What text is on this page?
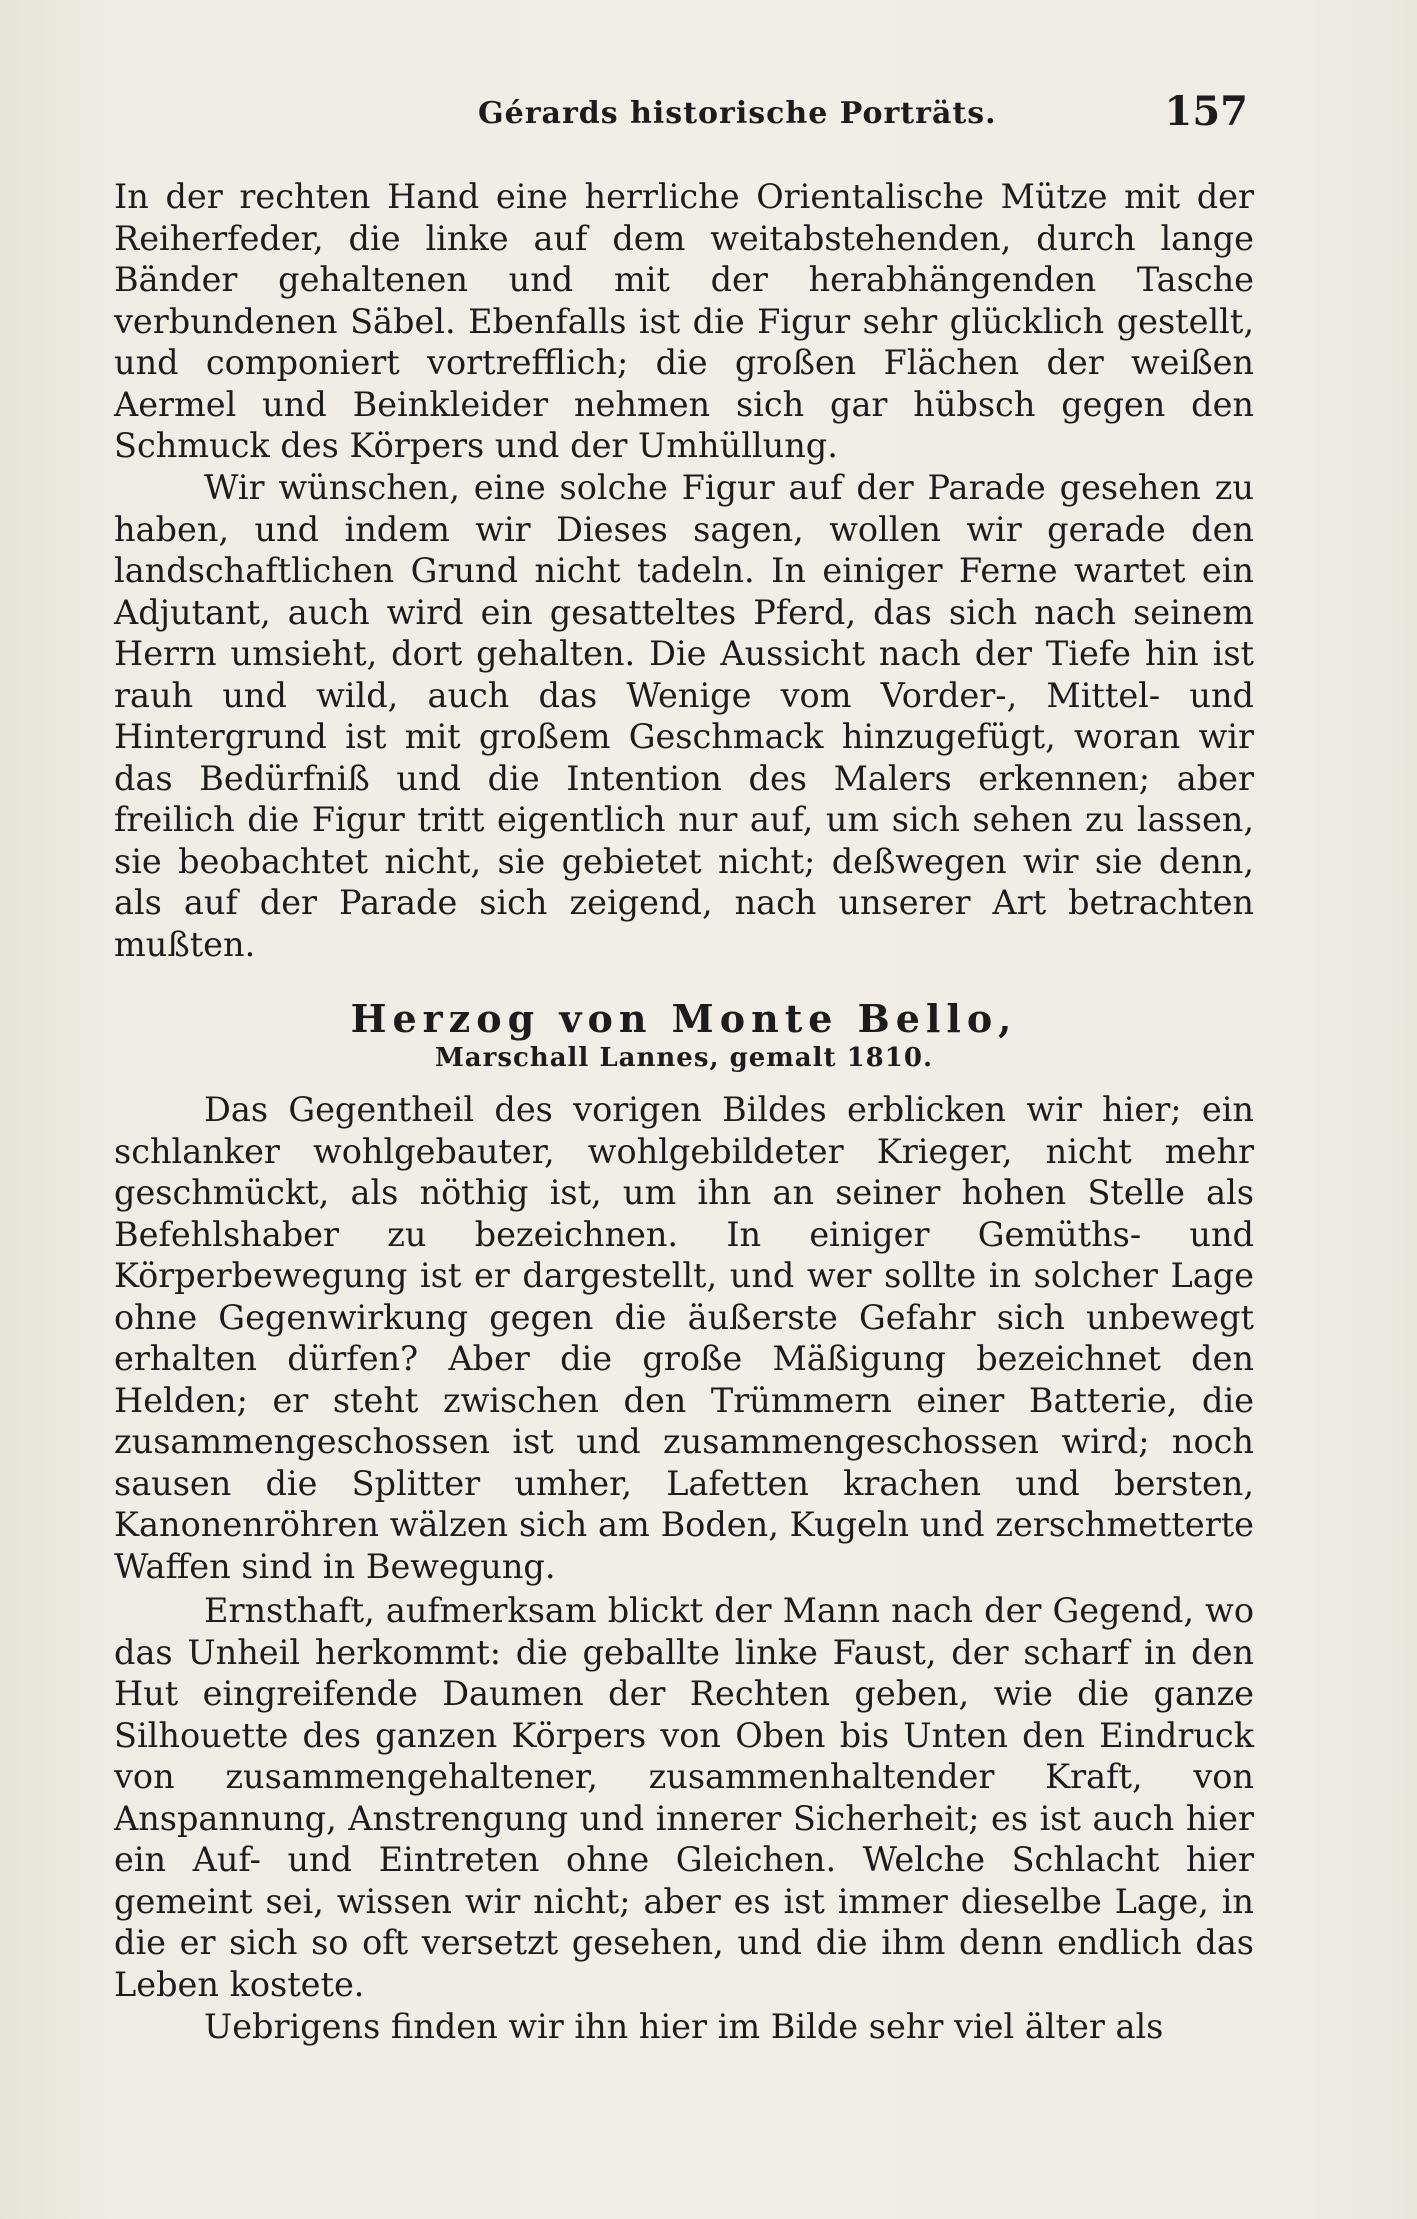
Gérards historische Porträts.	157

In der rechten Hand eine herrliche Orientalische Mütze mit der Reiherfeder, die linke auf dem weitabstehenden, durch lange Bänder gehaltenen und mit der herabhängenden Tasche verbundenen Säbel. Ebenfalls ist die Figur sehr glücklich gestellt, und componiert vortrefflich; die großen Flächen der weißen Aermel und Beinkleider nehmen sich gar hübsch gegen den Schmuck des Körpers und der Umhüllung.

Wir wünschen, eine solche Figur auf der Parade gesehen zu haben, und indem wir Dieses sagen, wollen wir gerade den landschaftlichen Grund nicht tadeln. In einiger Ferne wartet ein Adjutant, auch wird ein gesatteltes Pferd, das sich nach seinem Herrn umsieht, dort gehalten. Die Aussicht nach der Tiefe hin ist rauh und wild, auch das Wenige vom Vorder-, Mittel- und Hintergrund ist mit großem Geschmack hinzugefügt, woran wir das Bedürfniß und die Intention des Malers erkennen; aber freilich die Figur tritt eigentlich nur auf, um sich sehen zu lassen, sie beobachtet nicht, sie gebietet nicht; deßwegen wir sie denn, als auf der Parade sich zeigend, nach unserer Art betrachten mußten.

Herzog von Monte Bello,

Marschall Lannes, gemalt 1810.

Das Gegentheil des vorigen Bildes erblicken wir hier; ein schlanker wohlgebauter, wohlgebildeter Krieger, nicht mehr geschmückt, als nöthig ist, um ihn an seiner hohen Stelle als Befehlshaber zu bezeichnen. In einiger Gemüths- und Körperbewegung ist er dargestellt, und wer sollte in solcher Lage ohne Gegenwirkung gegen die äußerste Gefahr sich unbewegt erhalten dürfen? Aber die große Mäßigung bezeichnet den Helden; er steht zwischen den Trümmern einer Batterie, die zusammengeschossen ist und zusammengeschossen wird; noch sausen die Splitter umher, Lafetten krachen und bersten, Kanonenröhren wälzen sich am Boden, Kugeln und zerschmetterte Waffen sind in Bewegung.

Ernsthaft, aufmerksam blickt der Mann nach der Gegend, wo das Unheil herkommt: die geballte linke Faust, der scharf in den Hut eingreifende Daumen der Rechten geben, wie die ganze Silhouette des ganzen Körpers von Oben bis Unten den Eindruck von zusammengehaltener, zusammenhaltender Kraft, von Anspannung, Anstrengung und innerer Sicherheit; es ist auch hier ein Auf- und Eintreten ohne Gleichen. Welche Schlacht hier gemeint sei, wissen wir nicht; aber es ist immer dieselbe Lage, in die er sich so oft versetzt gesehen, und die ihm denn endlich das Leben kostete.

Uebrigens finden wir ihn hier im Bilde sehr viel älter als
